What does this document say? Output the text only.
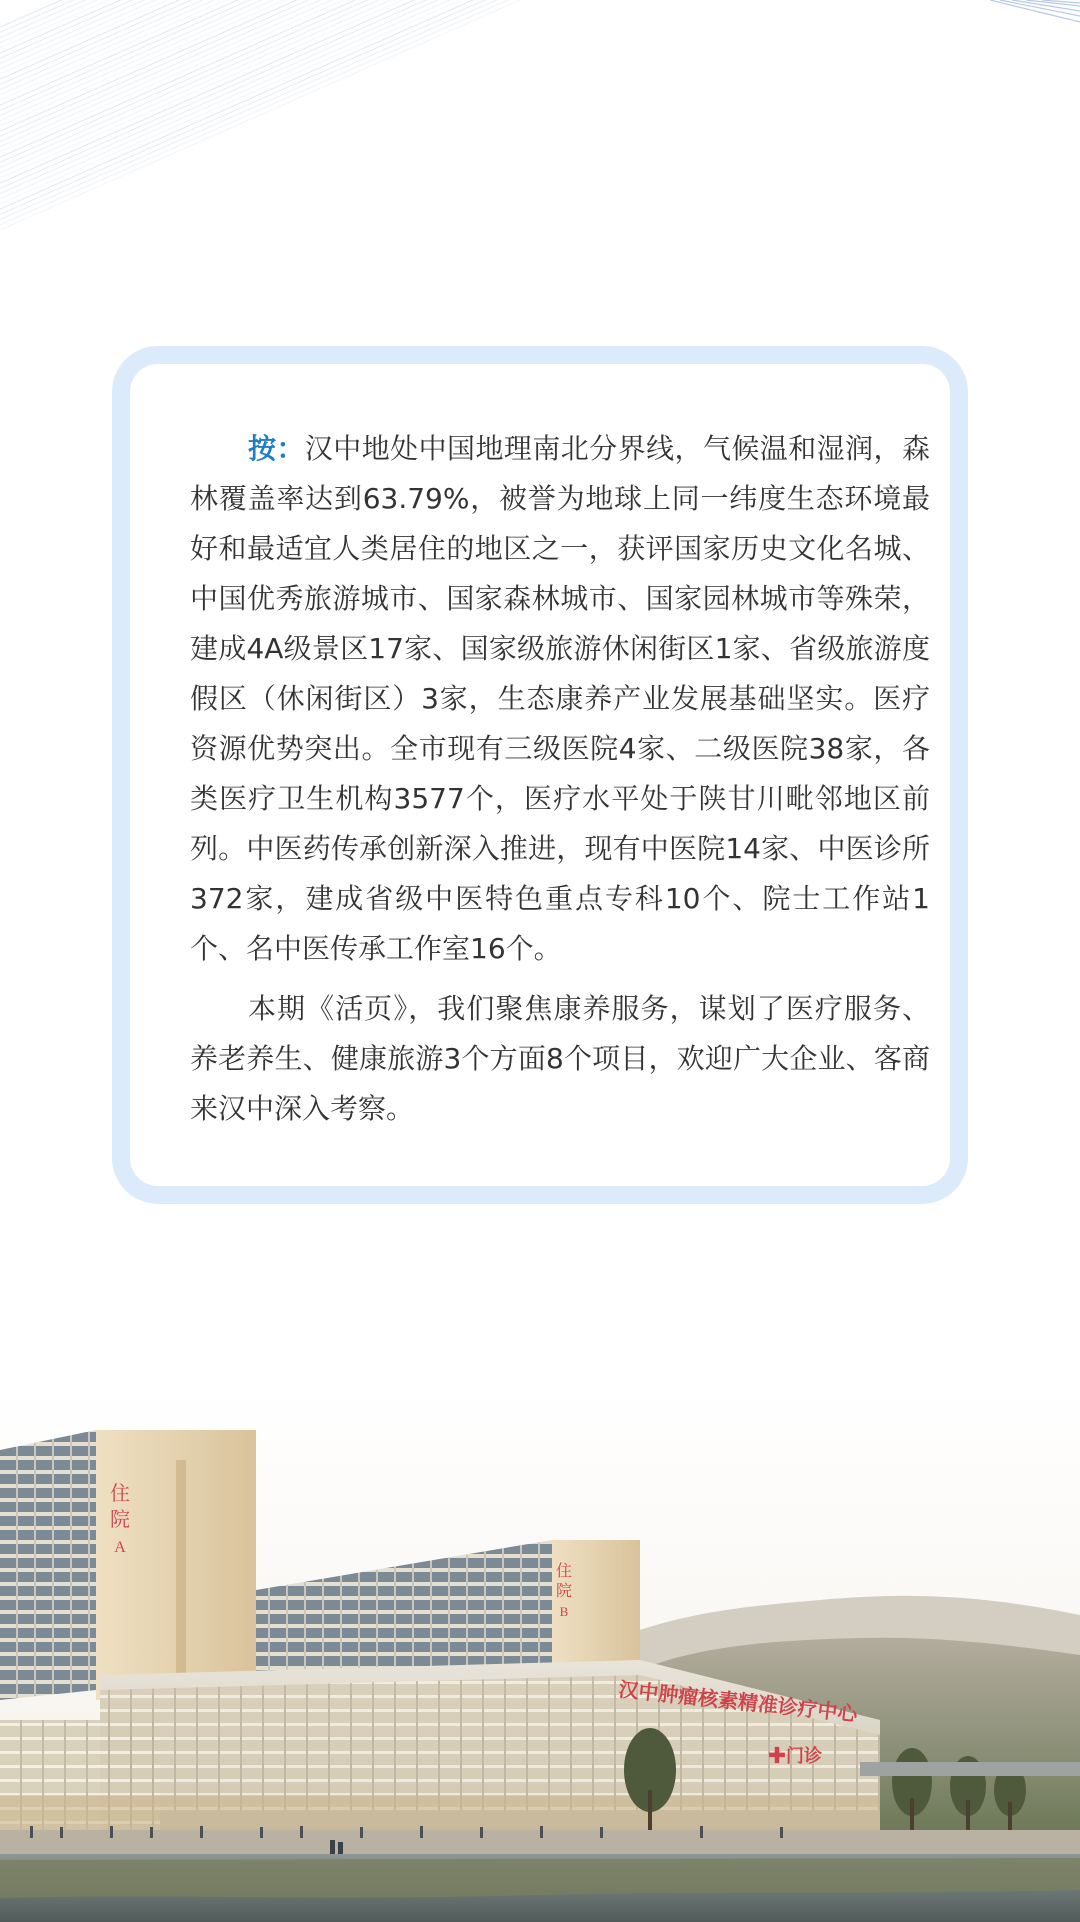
按：汉中地处中国地理南北分界线，气候温和湿润，森林覆盖率达到63.79%，被誉为地球上同一纬度生态环境最好和最适宜人类居住的地区之一，获评国家历史文化名城、中国优秀旅游城市、国家森林城市、国家园林城市等殊荣，建成4A级景区17家、国家级旅游休闲街区1家、省级旅游度假区（休闲街区）3家，生态康养产业发展基础坚实。医疗资源优势突出。全市现有三级医院4家、二级医院38家，各类医疗卫生机构3577个，医疗水平处于陕甘川毗邻地区前列。中医药传承创新深入推进，现有中医院14家、中医诊所372家，建成省级中医特色重点专科10个、院士工作站1个、名中医传承工作室16个。

本期《活页》，我们聚焦康养服务，谋划了医疗服务、养老养生、健康旅游3个方面8个项目，欢迎广大企业、客商来汉中深入考察。

住
院
A
住
院
B
汉中肿瘤核素精准诊疗中心
✚门诊
